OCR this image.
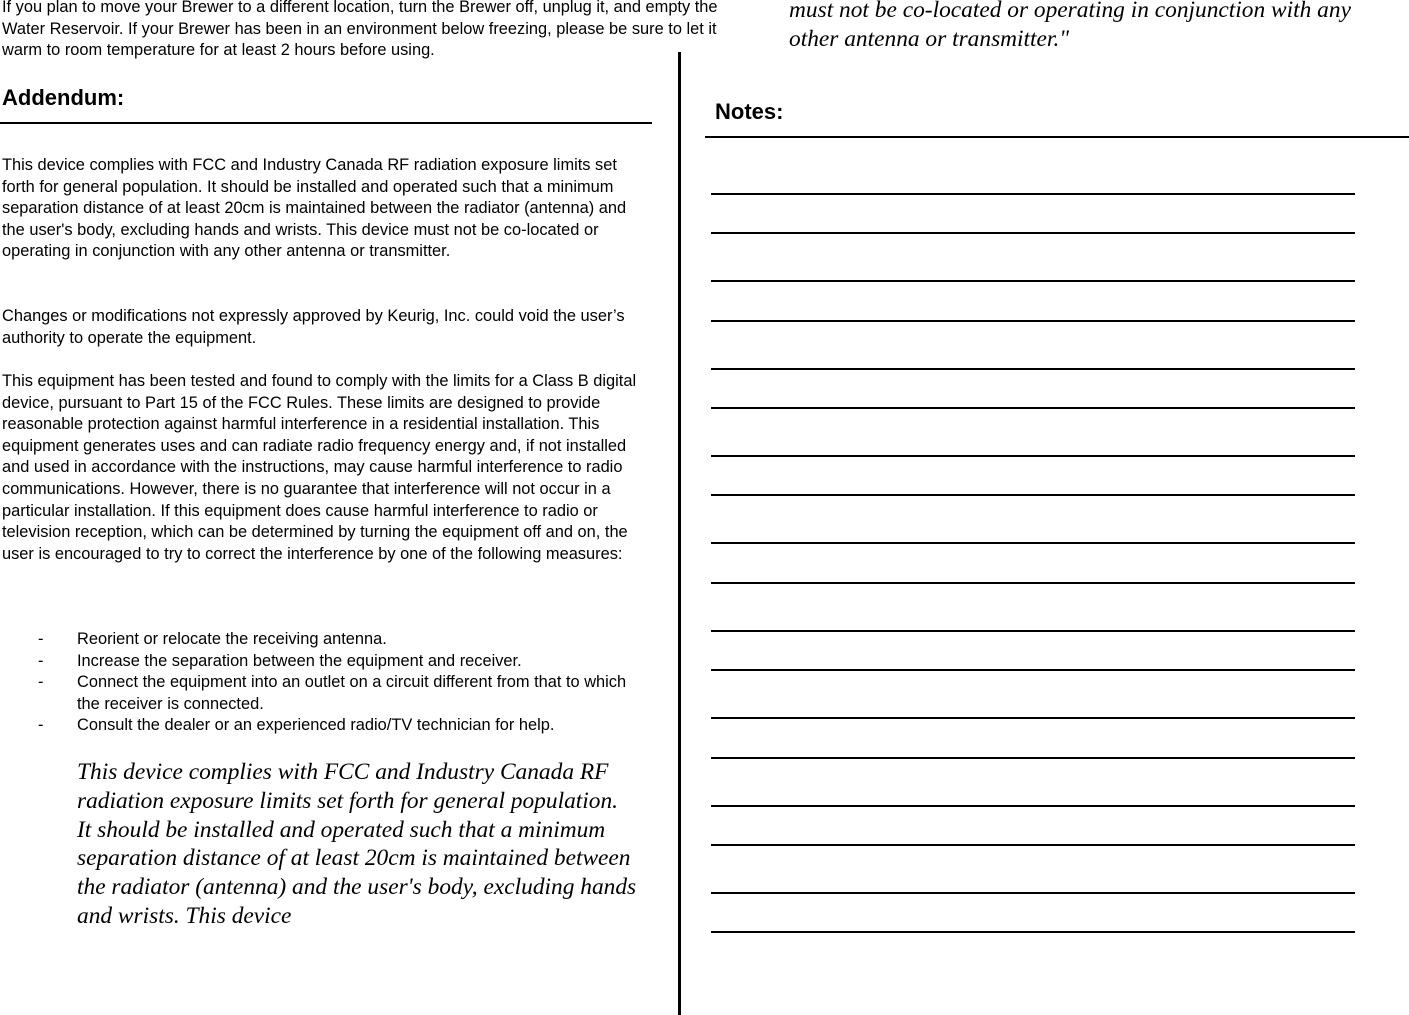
If you plan to move your Brewer to a different location, turn the Brewer off, unplug it, and empty the Water Reservoir. If your Brewer has been in an environment below freezing, please be sure to let it warm to room temperature for at least 2 hours before using.

Addendum:

This device complies with FCC and Industry Canada RF radiation exposure limits set forth for general population. It should be installed and operated such that a minimum separation distance of at least 20cm is maintained between the radiator (antenna) and the user's body, excluding hands and wrists. This device must not be co-located or operating in conjunction with any other antenna or transmitter.

Changes or modifications not expressly approved by Keurig, Inc. could void the user’s authority to operate the equipment.

This equipment has been tested and found to comply with the limits for a Class B digital device, pursuant to Part 15 of the FCC Rules. These limits are designed to provide reasonable protection against harmful interference in a residential installation. This equipment generates uses and can radiate radio frequency energy and, if not installed and used in accordance with the instructions, may cause harmful interference to radio communications. However, there is no guarantee that interference will not occur in a particular installation. If this equipment does cause harmful interference to radio or television reception, which can be determined by turning the equipment off and on, the user is encouraged to try to correct the interference by one of the following measures:

- Reorient or relocate the receiving antenna.
- Increase the separation between the equipment and receiver.
- Connect the equipment into an outlet on a circuit different from that to which the receiver is connected.
- Consult the dealer or an experienced radio/TV technician for help.

This device complies with FCC and Industry Canada RF radiation exposure limits set forth for general population. It should be installed and operated such that a minimum separation distance of at least 20cm is maintained between the radiator (antenna) and the user's body, excluding hands and wrists. This device

must not be co-located or operating in conjunction with any other antenna or transmitter."

Notes:
